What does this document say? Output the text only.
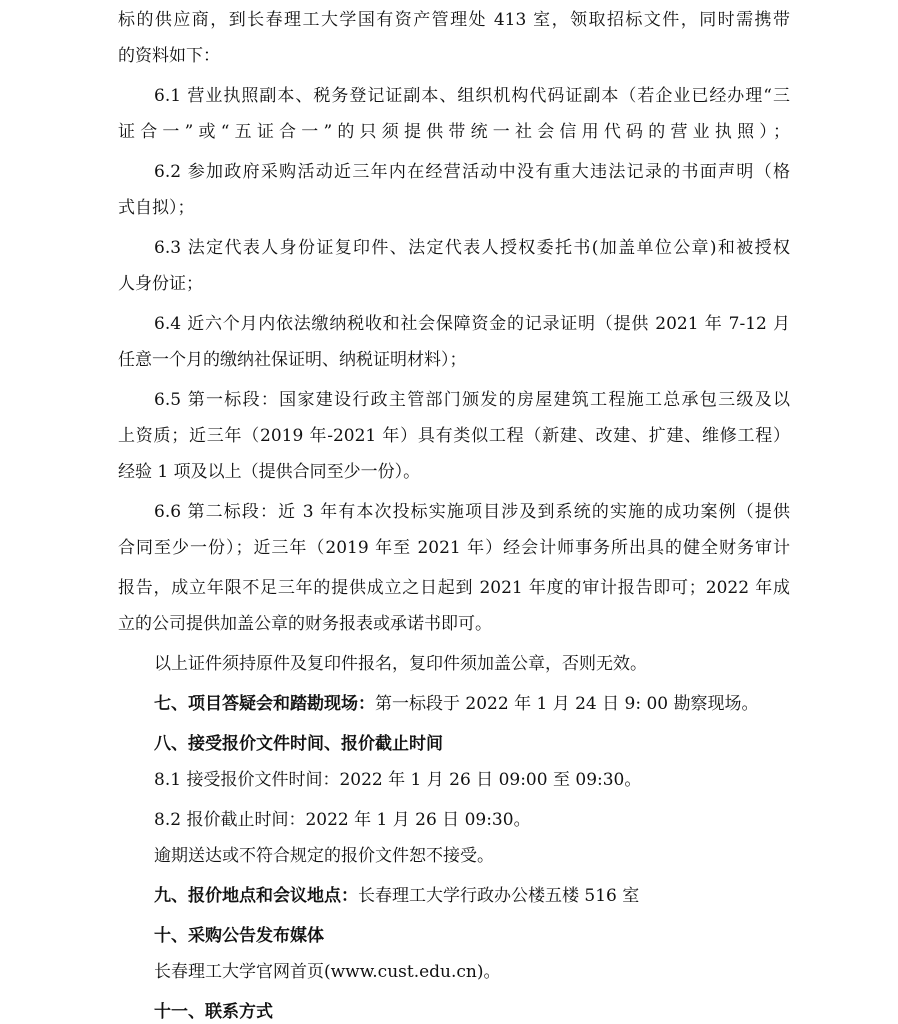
标的供应商，到长春理工大学国有资产管理处 413 室，领取招标文件，同时需携带
的资料如下：
6.1 营业执照副本、税务登记证副本、组织机构代码证副本（若企业已经办理“三
证合一”或“五证合一”的只须提供带统一社会信用代码的营业执照）；
6.2 参加政府采购活动近三年内在经营活动中没有重大违法记录的书面声明（格
式自拟）；
6.3 法定代表人身份证复印件、法定代表人授权委托书(加盖单位公章)和被授权
人身份证；
6.4 近六个月内依法缴纳税收和社会保障资金的记录证明（提供 2021 年 7-12 月
任意一个月的缴纳社保证明、纳税证明材料）；
6.5 第一标段：国家建设行政主管部门颁发的房屋建筑工程施工总承包三级及以
上资质；近三年（2019 年-2021 年）具有类似工程（新建、改建、扩建、维修工程）
经验 1 项及以上（提供合同至少一份）。
6.6 第二标段：近 3 年有本次投标实施项目涉及到系统的实施的成功案例（提供
合同至少一份）；近三年（2019 年至 2021 年）经会计师事务所出具的健全财务审计
报告，成立年限不足三年的提供成立之日起到 2021 年度的审计报告即可；2022 年成
立的公司提供加盖公章的财务报表或承诺书即可。
以上证件须持原件及复印件报名，复印件须加盖公章，否则无效。
七、项目答疑会和踏勘现场：第一标段于 2022 年 1 月 24 日 9: 00 勘察现场。
八、接受报价文件时间、报价截止时间
8.1 接受报价文件时间：2022 年 1 月 26 日 09:00 至 09:30。
8.2 报价截止时间：2022 年 1 月 26 日 09:30。
逾期送达或不符合规定的报价文件恕不接受。
九、报价地点和会议地点：长春理工大学行政办公楼五楼 516 室
十、采购公告发布媒体
长春理工大学官网首页(www.cust.edu.cn)。
十一、联系方式
